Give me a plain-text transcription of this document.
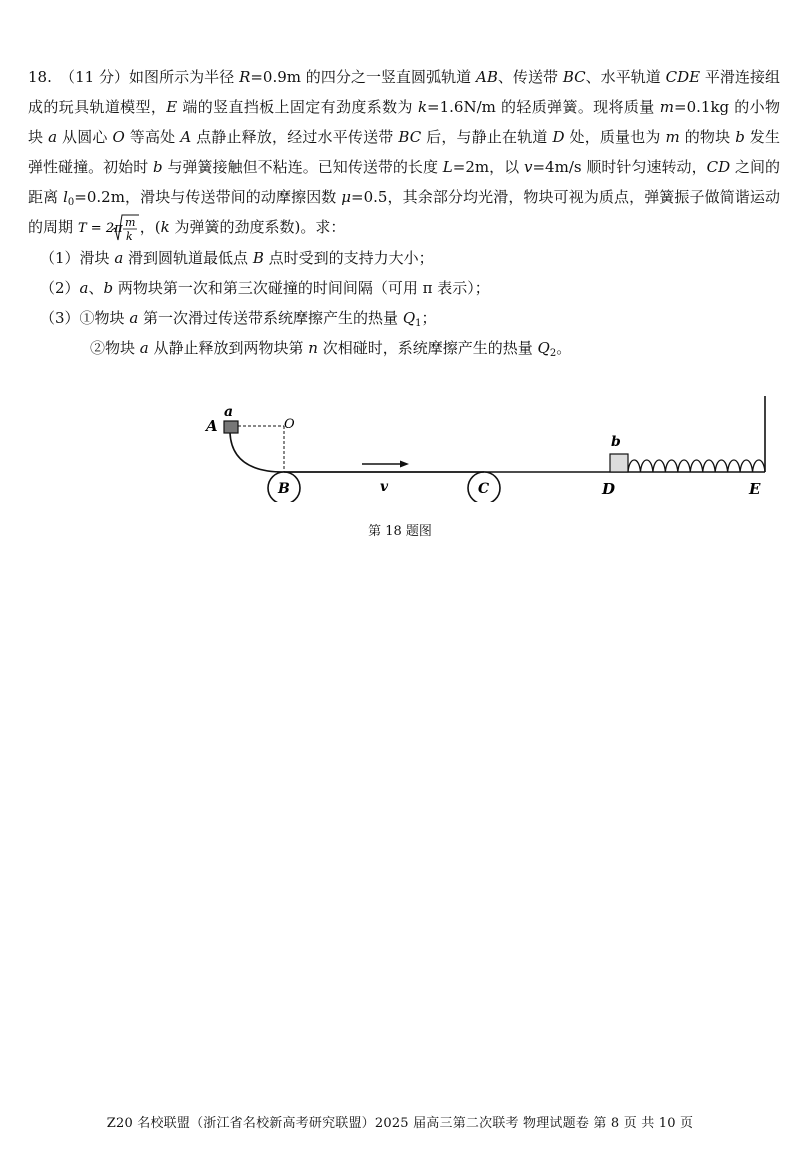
18. （11 分）如图所示为半径 R=0.9m 的四分之一竖直圆弧轨道 AB、传送带 BC、水平轨道 CDE 平滑连接组成的玩具轨道模型，E 端的竖直挡板上固定有劲度系数为 k=1.6N/m 的轻质弹簧。现将质量 m=0.1kg 的小物块 a 从圆心 O 等高处 A 点静止释放，经过水平传送带 BC 后，与静止在轨道 D 处，质量也为 m 的物块 b 发生弹性碰撞。初始时 b 与弹簧接触但不粘连。已知传送带的长度 L=2m，以 v=4m/s 顺时针匀速转动，CD 之间的距离 $l_0=0.2m$，滑块与传送带间的动摩擦因数 μ=0.5，其余部分均光滑，物块可视为质点，弹簧振子做简谐运动的周期 T = 2π m
k
，(k 为弹簧的劲度系数)。求：

（1）滑块 a 滑到圆轨道最低点 B 点时受到的支持力大小；

（2）a、b 两物块第一次和第三次碰撞的时间间隔（可用 π 表示）；

（3）①物块 a 第一次滑过传送带系统摩擦产生的热量 $Q_1$；

②物块 a 从静止释放到两物块第 n 次相碰时，系统摩擦产生的热量 $Q_2$。

A
a
O
B	C
v	D
b
E
第 18 题图
Z20 名校联盟（浙江省名校新高考研究联盟）2025 届高三第二次联考 物理试题卷 第 8 页 共 10 页
